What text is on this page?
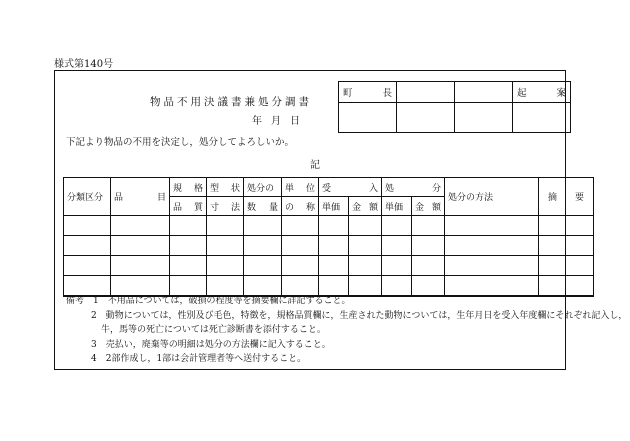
様式第140号
物品不用決議書兼処分調書
年 月 日
町 長			起 案

下記より物品の不用を決定し，処分してよろしいか。
記
分類区分	品 目	規 格	型 状	処分の	単 位	受 入		処 分		処分の方法	摘 要

		品 質	寸 法	数 量	の 称	単価	金 額	単価	金 額		

備考　1　不用品については，破損の程度等を摘要欄に詳記すること。
2　動物については，性別及び毛色，特徴を，規格品質欄に，生産された動物については，生年月日を受入年度欄にそれぞれ記入し，
牛，馬等の死亡については死亡診断書を添付すること。
3　売払い，廃棄等の明細は処分の方法欄に記入すること。
4　2部作成し，1部は会計管理者等へ送付すること。
